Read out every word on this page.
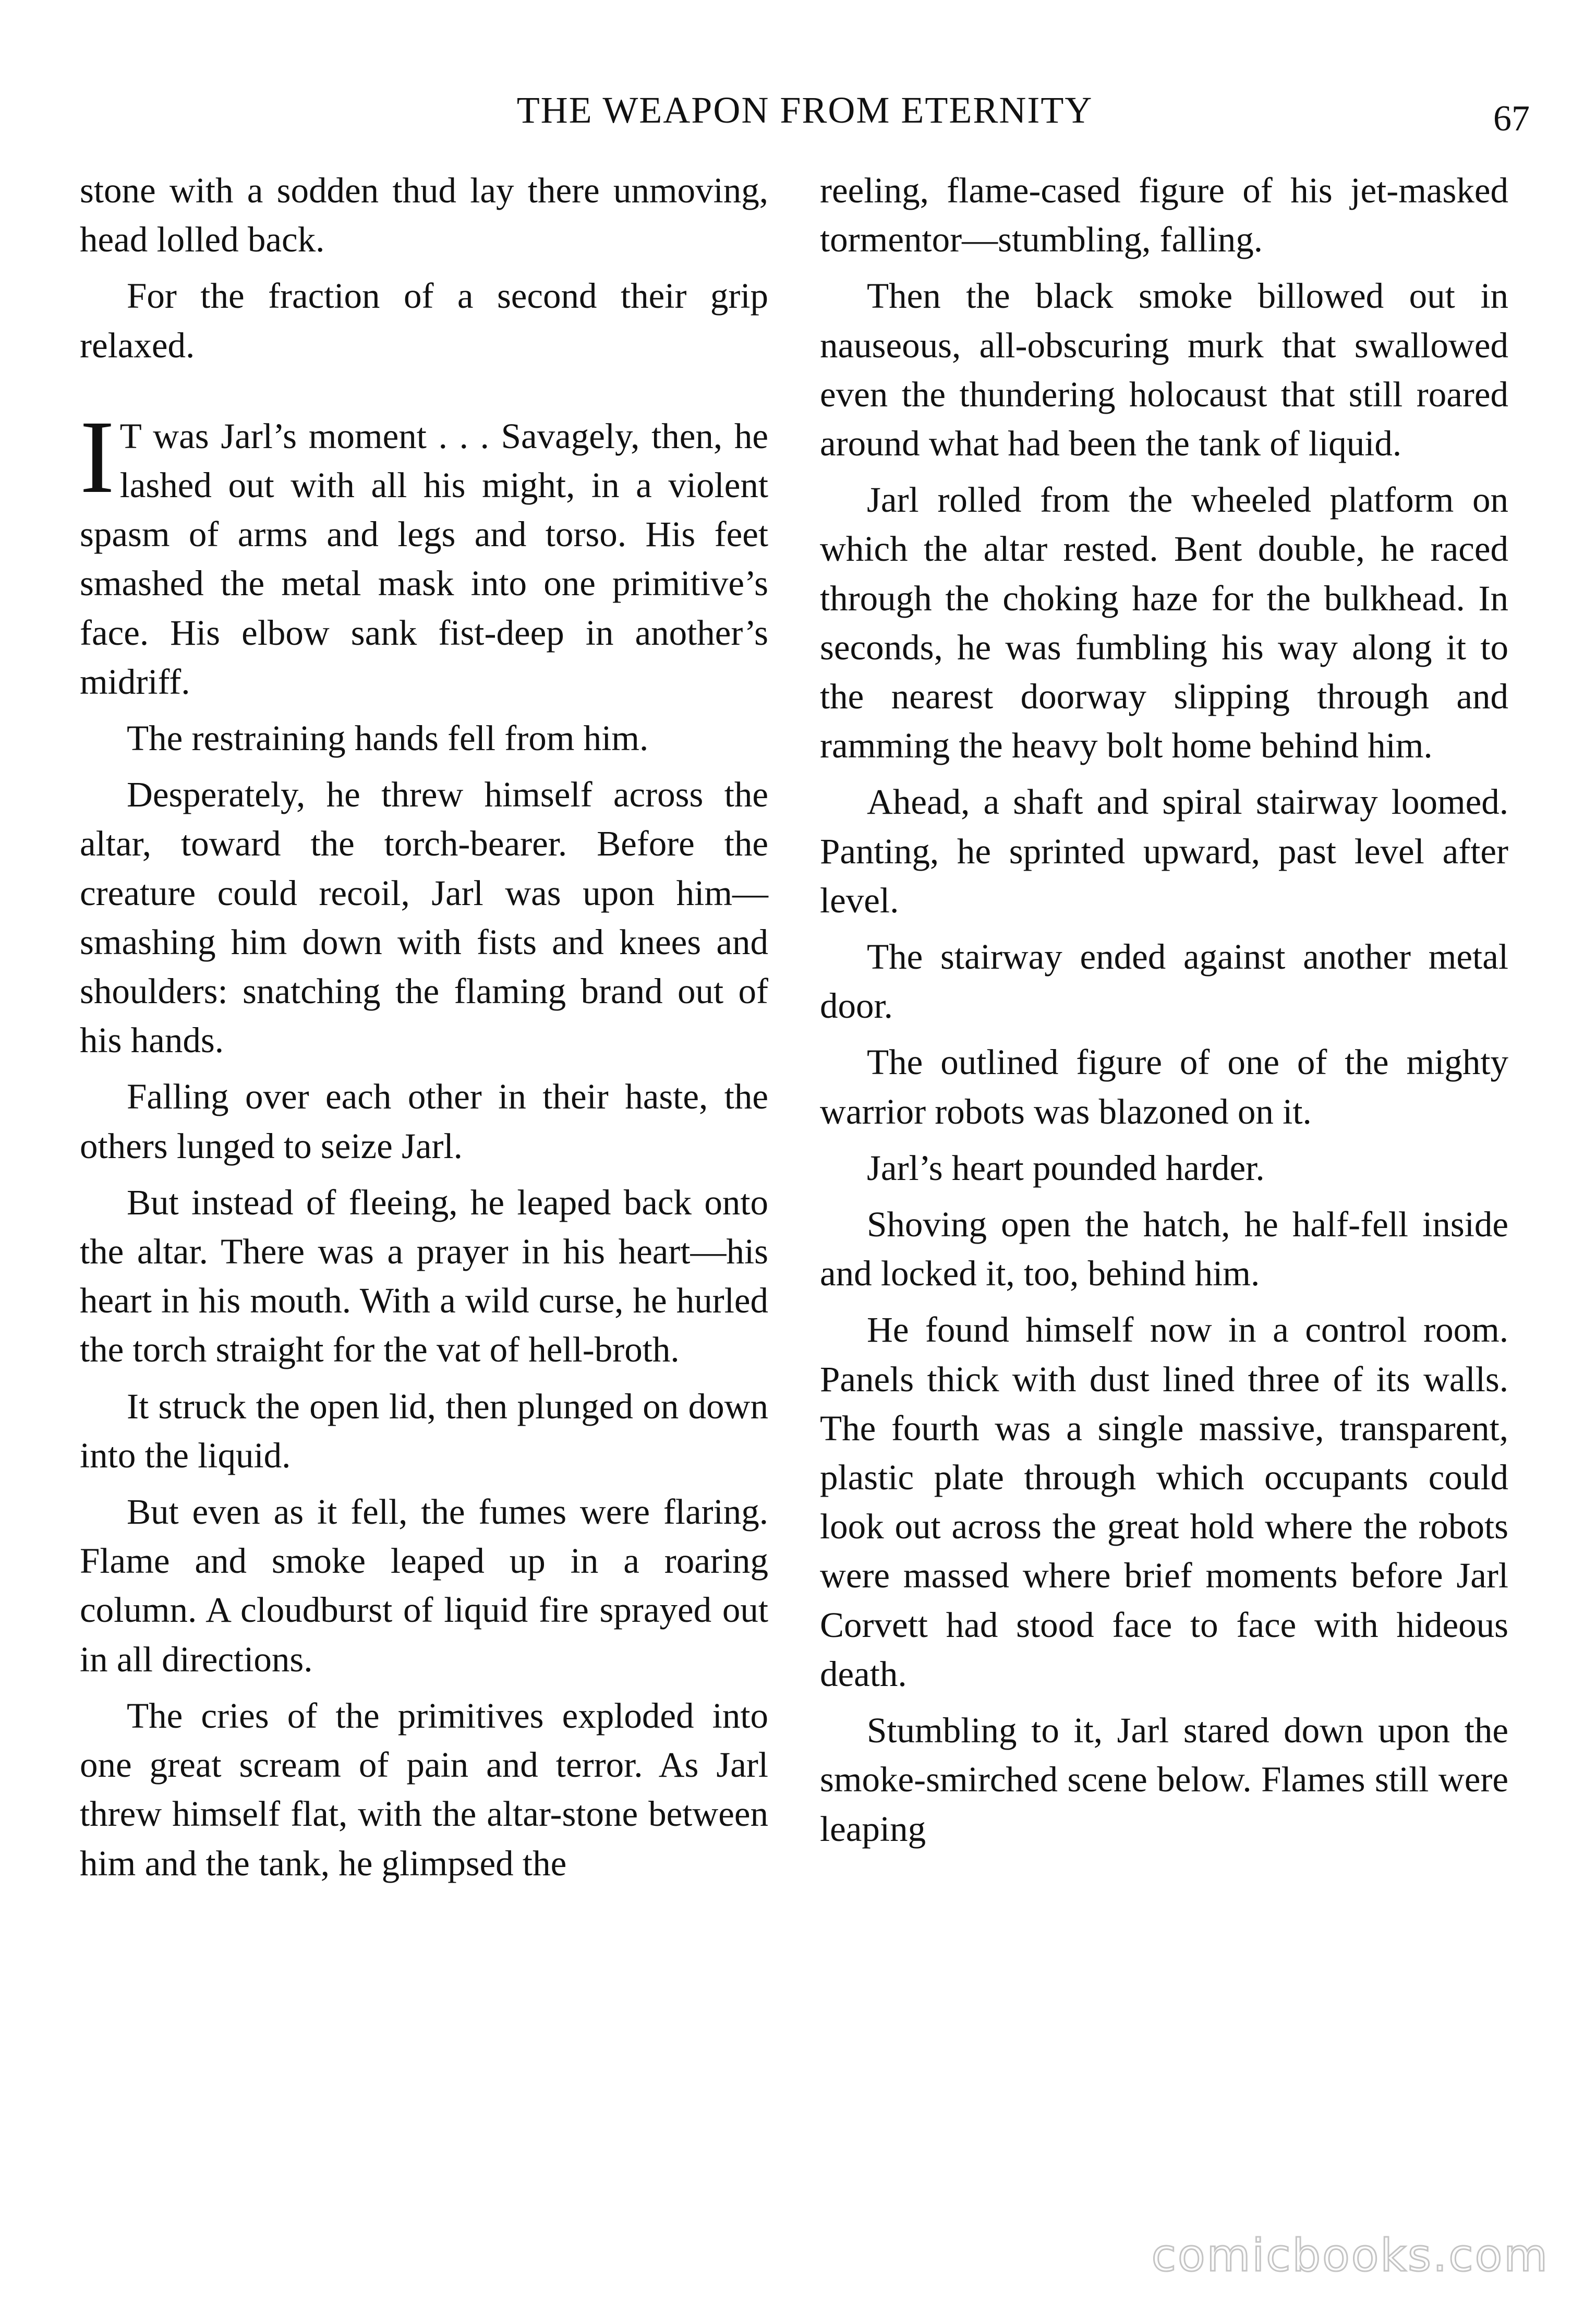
THE WEAPON FROM ETERNITY	67

stone with a sodden thud lay there unmoving, head lolled back.

For the fraction of a second their grip relaxed.

I T was Jarl’s moment . . . Savagely, then, he lashed out with all his might, in a violent spasm of arms and legs and torso. His feet smashed the metal mask into one primitive’s face. His elbow sank fist-deep in another’s midriff.

The restraining hands fell from him.

Desperately, he threw himself across the altar, toward the torch-bearer. Before the creature could recoil, Jarl was upon him—smashing him down with fists and knees and shoulders: snatching the flaming brand out of his hands.

Falling over each other in their haste, the others lunged to seize Jarl.

But instead of fleeing, he leaped back onto the altar. There was a prayer in his heart—his heart in his mouth. With a wild curse, he hurled the torch straight for the vat of hell-broth.

It struck the open lid, then plunged on down into the liquid.

But even as it fell, the fumes were flaring. Flame and smoke leaped up in a roaring column. A cloudburst of liquid fire sprayed out in all directions.

The cries of the primitives exploded into one great scream of pain and terror. As Jarl threw himself flat, with the altar-stone between him and the tank, he glimpsed the

reeling, flame-cased figure of his jet-masked tormentor—stumbling, falling.

Then the black smoke billowed out in nauseous, all-obscuring murk that swallowed even the thundering holocaust that still roared around what had been the tank of liquid.

Jarl rolled from the wheeled platform on which the altar rested. Bent double, he raced through the choking haze for the bulkhead. In seconds, he was fumbling his way along it to the nearest doorway slipping through and ramming the heavy bolt home behind him.

Ahead, a shaft and spiral stairway loomed. Panting, he sprinted upward, past level after level.

The stairway ended against another metal door.

The outlined figure of one of the mighty warrior robots was blazoned on it.

Jarl’s heart pounded harder.

Shoving open the hatch, he half-fell inside and locked it, too, behind him.

He found himself now in a control room. Panels thick with dust lined three of its walls. The fourth was a single massive, transparent, plastic plate through which occupants could look out across the great hold where the robots were massed where brief moments before Jarl Corvett had stood face to face with hideous death.

Stumbling to it, Jarl stared down upon the smoke-smirched scene below. Flames still were leaping

comicbooks.com
